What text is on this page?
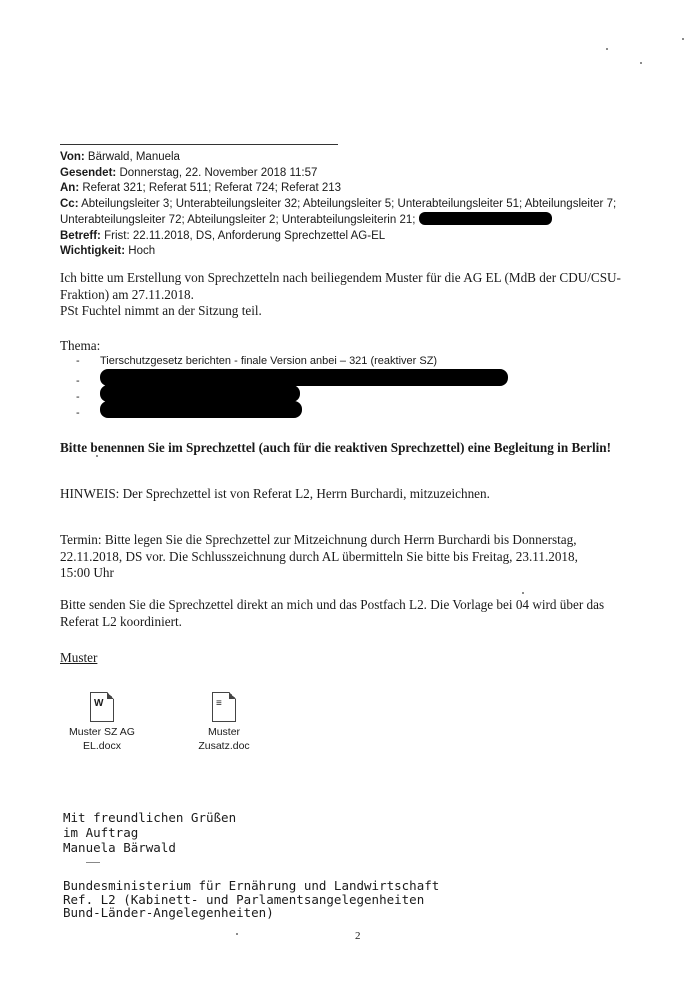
Von: Bärwald, Manuela
Gesendet: Donnerstag, 22. November 2018 11:57
An: Referat 321; Referat 511; Referat 724; Referat 213
Cc: Abteilungsleiter 3; Unterabteilungsleiter 32; Abteilungsleiter 5; Unterabteilungsleiter 51; Abteilungsleiter 7;
Unterabteilungsleiter 72; Abteilungsleiter 2; Unterabteilungsleiterin 21;
Betreff: Frist: 22.11.2018, DS, Anforderung Sprechzettel AG-EL
Wichtigkeit: Hoch
Ich bitte um Erstellung von Sprechzetteln nach beiliegendem Muster für die AG EL (MdB der CDU/CSU-
Fraktion) am 27.11.2018.
PSt Fuchtel nimmt an der Sitzung teil.
Thema:
- Tierschutzgesetz berichten - finale Version anbei – 321 (reaktiver SZ)
-
-
-
Bitte benennen Sie im Sprechzettel (auch für die reaktiven Sprechzettel) eine Begleitung in Berlin!
HINWEIS: Der Sprechzettel ist von Referat L2, Herrn Burchardi, mitzuzeichnen.
Termin: Bitte legen Sie die Sprechzettel zur Mitzeichnung durch Herrn Burchardi bis Donnerstag,
22.11.2018, DS vor. Die Schlusszeichnung durch AL übermitteln Sie bitte bis Freitag, 23.11.2018,
15:00 Uhr
Bitte senden Sie die Sprechzettel direkt an mich und das Postfach L2. Die Vorlage bei 04 wird über das
Referat L2 koordiniert.
Muster
W
Muster SZ AG
EL.docx
≡
Muster
Zusatz.doc
Mit freundlichen Grüßen
im Auftrag
Manuela Bärwald
Bundesministerium für Ernährung und Landwirtschaft
Ref. L2 (Kabinett- und Parlamentsangelegenheiten
Bund-Länder-Angelegenheiten)
2
